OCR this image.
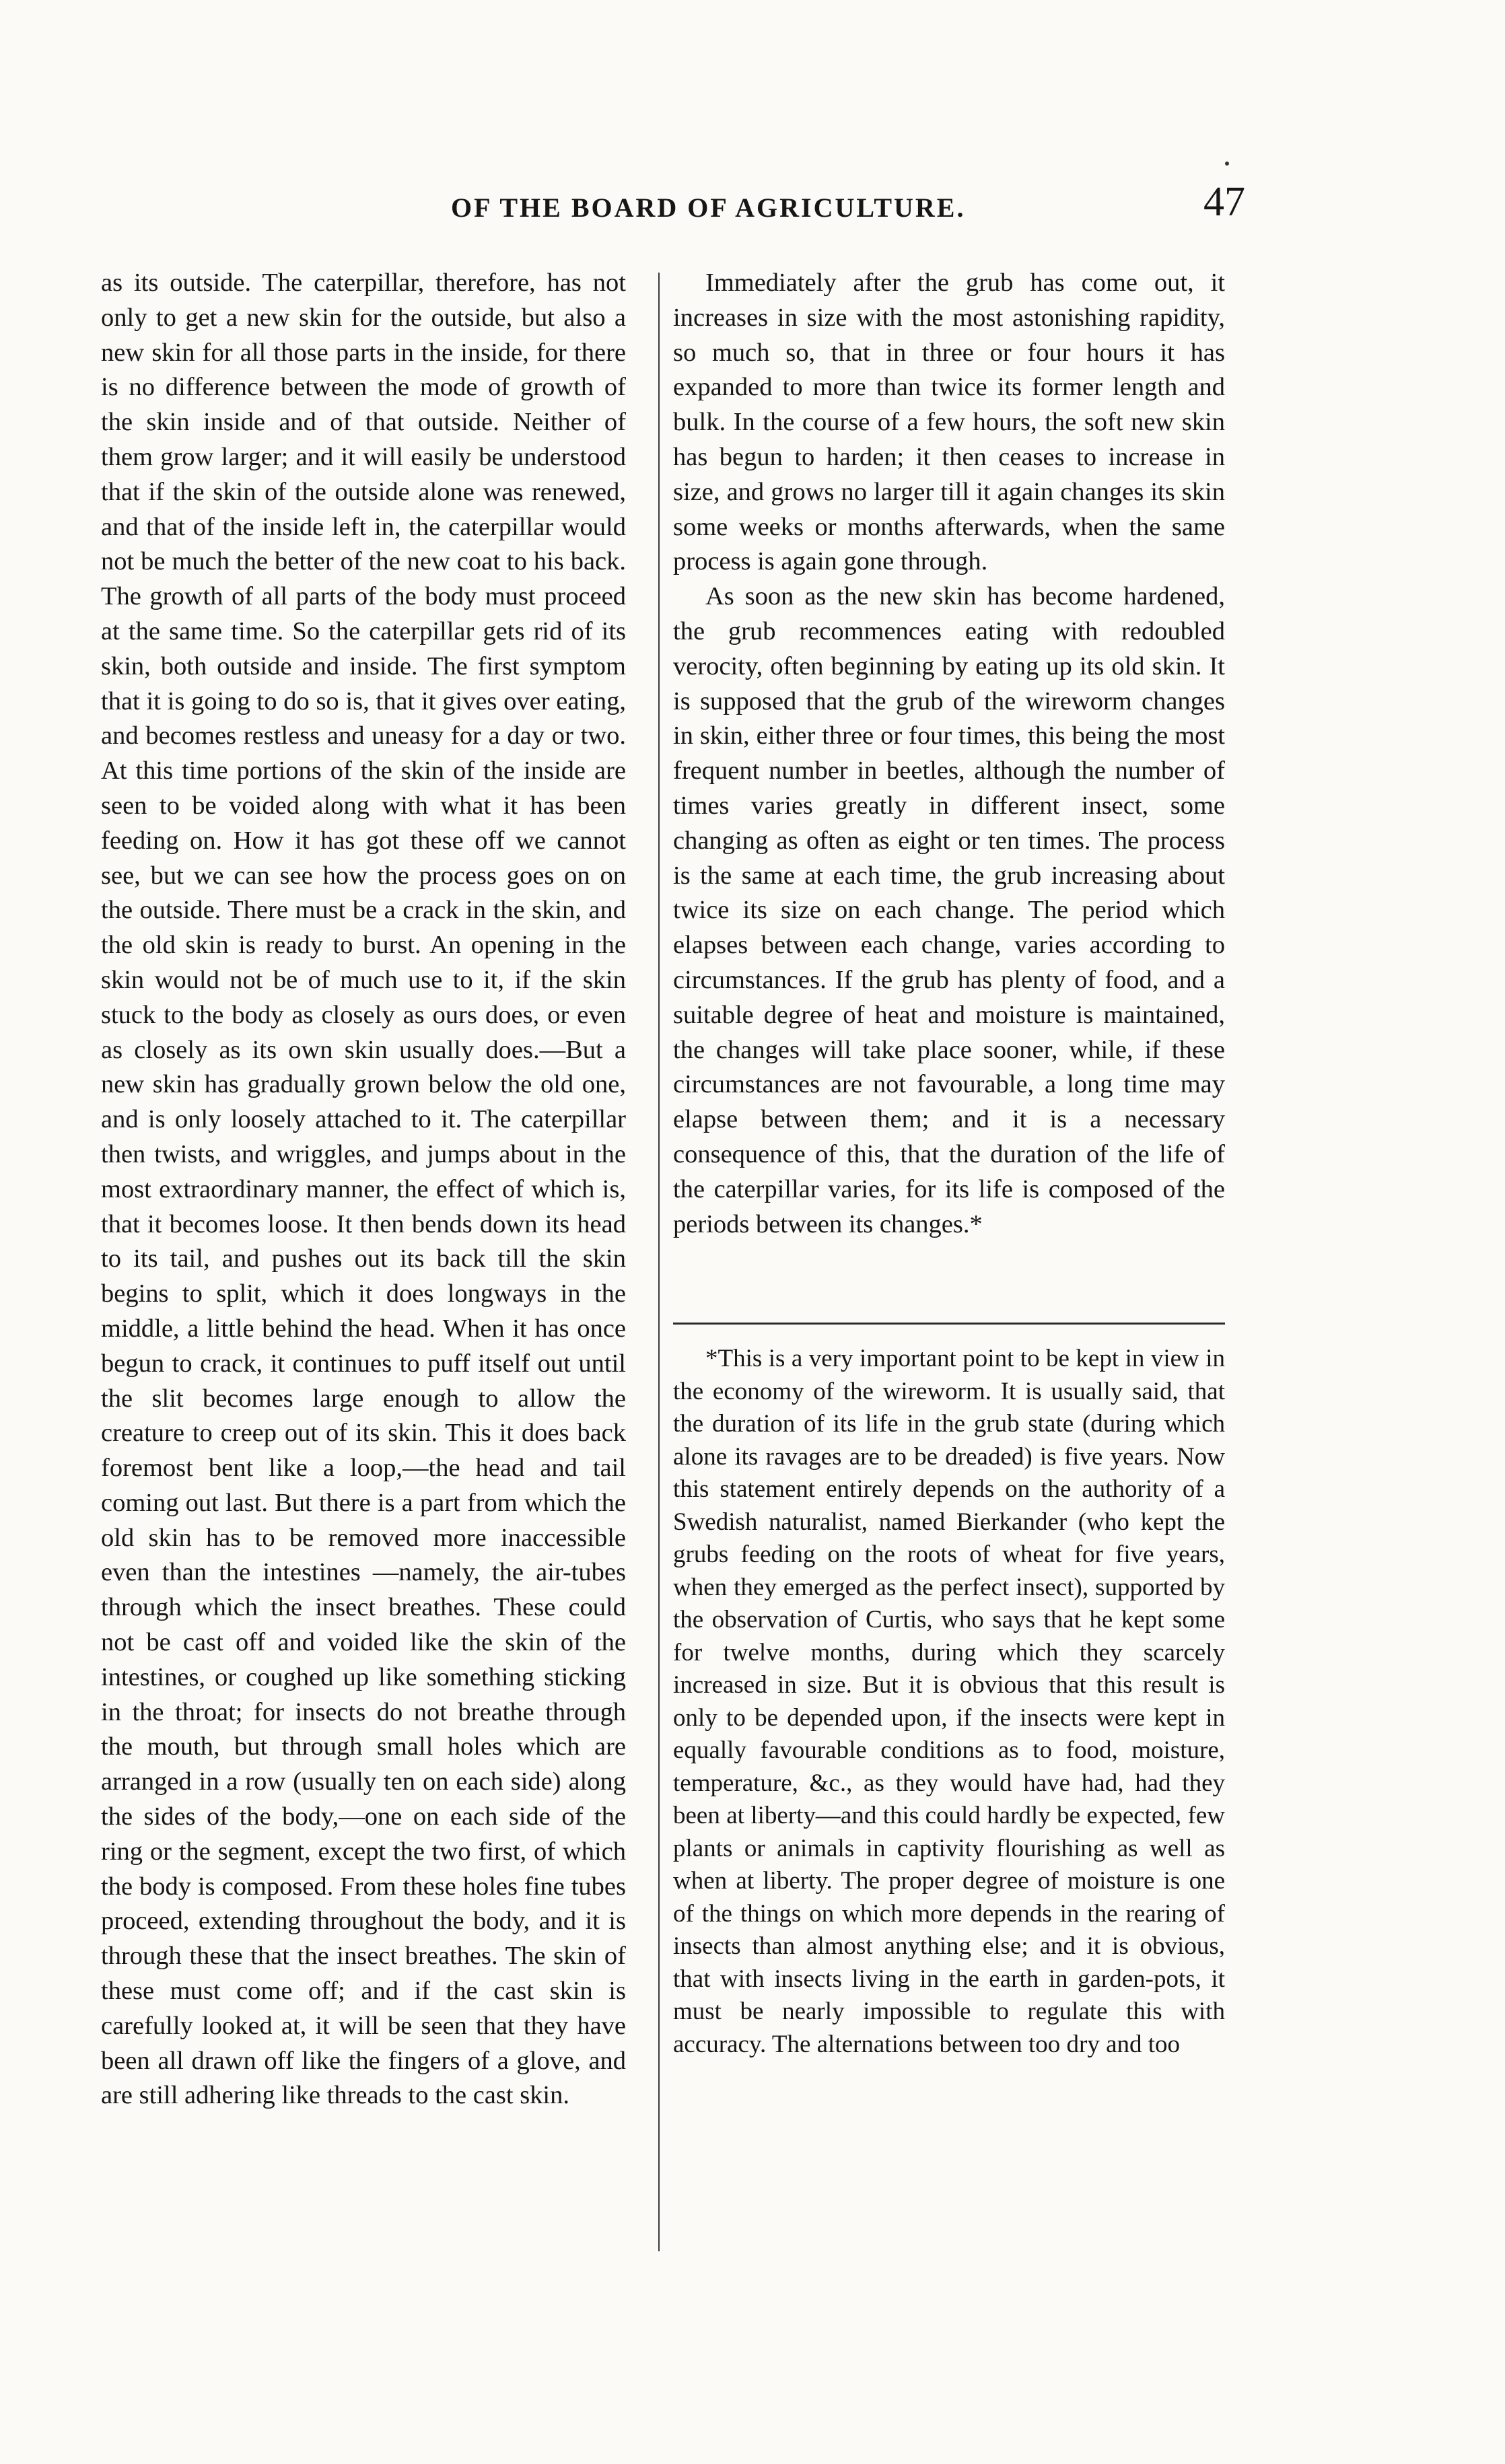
OF THE BOARD OF AGRICULTURE.	47

as its outside. The caterpillar, therefore, has not only to get a new skin for the outside, but also a new skin for all those parts in the inside, for there is no difference between the mode of growth of the skin inside and of that outside. Neither of them grow larger; and it will easily be understood that if the skin of the outside alone was renewed, and that of the inside left in, the caterpillar would not be much the better of the new coat to his back. The growth of all parts of the body must proceed at the same time. So the caterpillar gets rid of its skin, both outside and inside. The first symptom that it is going to do so is, that it gives over eating, and becomes restless and uneasy for a day or two. At this time portions of the skin of the inside are seen to be voided along with what it has been feeding on. How it has got these off we cannot see, but we can see how the process goes on on the outside. There must be a crack in the skin, and the old skin is ready to burst. An opening in the skin would not be of much use to it, if the skin stuck to the body as closely as ours does, or even as closely as its own skin usually does.—But a new skin has gradually grown below the old one, and is only loosely attached to it. The caterpillar then twists, and wriggles, and jumps about in the most extraordinary manner, the effect of which is, that it becomes loose. It then bends down its head to its tail, and pushes out its back till the skin begins to split, which it does longways in the middle, a little behind the head. When it has once begun to crack, it continues to puff itself out until the slit becomes large enough to allow the creature to creep out of its skin. This it does back foremost bent like a loop,—the head and tail coming out last. But there is a part from which the old skin has to be removed more inaccessible even than the intestines —namely, the air-tubes through which the insect breathes. These could not be cast off and voided like the skin of the intestines, or coughed up like something sticking in the throat; for insects do not breathe through the mouth, but through small holes which are arranged in a row (usually ten on each side) along the sides of the body,—one on each side of the ring or the segment, except the two first, of which the body is composed. From these holes fine tubes proceed, extending throughout the body, and it is through these that the insect breathes. The skin of these must come off; and if the cast skin is carefully looked at, it will be seen that they have been all drawn off like the fingers of a glove, and are still adhering like threads to the cast skin.

Immediately after the grub has come out, it increases in size with the most astonishing rapidity, so much so, that in three or four hours it has expanded to more than twice its former length and bulk. In the course of a few hours, the soft new skin has begun to harden; it then ceases to increase in size, and grows no larger till it again changes its skin some weeks or months afterwards, when the same process is again gone through.

As soon as the new skin has become hardened, the grub recommences eating with redoubled verocity, often beginning by eating up its old skin. It is supposed that the grub of the wireworm changes in skin, either three or four times, this being the most frequent number in beetles, although the number of times varies greatly in different insect, some changing as often as eight or ten times. The process is the same at each time, the grub increasing about twice its size on each change. The period which elapses between each change, varies according to circumstances. If the grub has plenty of food, and a suitable degree of heat and moisture is maintained, the changes will take place sooner, while, if these circumstances are not favourable, a long time may elapse between them; and it is a necessary consequence of this, that the duration of the life of the caterpillar varies, for its life is composed of the periods between its changes.*

*This is a very important point to be kept in view in the economy of the wireworm. It is usually said, that the duration of its life in the grub state (during which alone its ravages are to be dreaded) is five years. Now this statement entirely depends on the authority of a Swedish naturalist, named Bierkander (who kept the grubs feeding on the roots of wheat for five years, when they emerged as the perfect insect), supported by the observation of Curtis, who says that he kept some for twelve months, during which they scarcely increased in size. But it is obvious that this result is only to be depended upon, if the insects were kept in equally favourable conditions as to food, moisture, temperature, &c., as they would have had, had they been at liberty—and this could hardly be expected, few plants or animals in captivity flourishing as well as when at liberty. The proper degree of moisture is one of the things on which more depends in the rearing of insects than almost anything else; and it is obvious, that with insects living in the earth in garden-pots, it must be nearly impossible to regulate this with accuracy. The alternations between too dry and too
